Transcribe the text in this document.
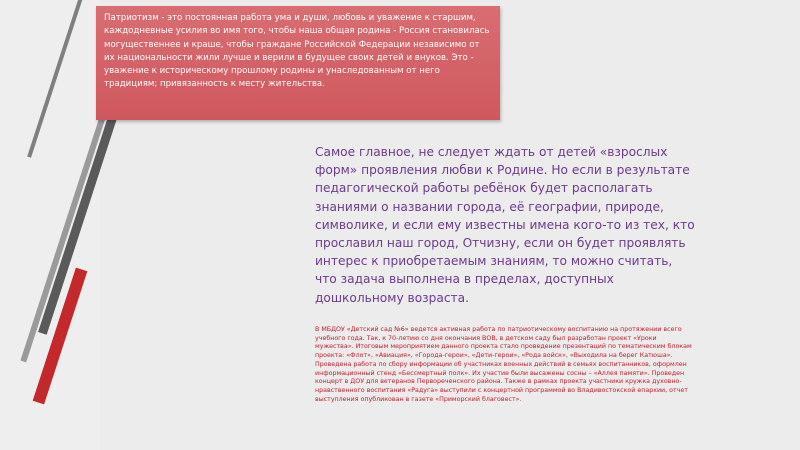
Патриотизм - это постоянная работа ума и души, любовь и уважение к старшим, каждодневные усилия во имя того, чтобы наша общая родина - Россия становилась могущественнее и краше, чтобы граждане Российской Федерации независимо от их национальности жили лучше и верили в будущее своих детей и внуков. Это - уважение к историческому прошлому родины и унаследованным от него традициям; привязанность к месту жительства.
Самое главное, не следует ждать от детей «взрослых форм» проявления любви к Родине. Но если в результате педагогической работы ребёнок будет располагать знаниями о названии города, её географии, природе, символике, и если ему известны имена кого-то из тех, кто прославил наш город, Отчизну, если он будет проявлять интерес к приобретаемым знаниям, то можно считать, что задача выполнена в пределах, доступных дошкольному возраста.
В МБДОУ «Детский сад №6» ведется активная работа по патриотическому воспитанию на протяжении всего учебного года. Так, к 70-летию со дня окончания ВОВ, в детском саду был разработан проект «Уроки мужества». Итоговым мероприятием данного проекта стало проведение презентаций по тематическим блокам проекта: «Флот», «Авиация», «Города-герои», «Дети-герои», «Рода войск», «Выходила на берег Катюша». Проведена работа по сбору информации об участниках военных действий в семьях воспитанников, оформлен информационный стенд «Бессмертный полк». Их участие были высажены сосны – «Аллея памяти». Проведен концерт в ДОУ для ветеранов Первореченского района. Также в рамках проекта участники кружка духовно-нравственного воспитания «Радуга» выступили с концертной программой во Владивостокской епархии, отчет выступления опубликован в газете «Приморский благовест».
